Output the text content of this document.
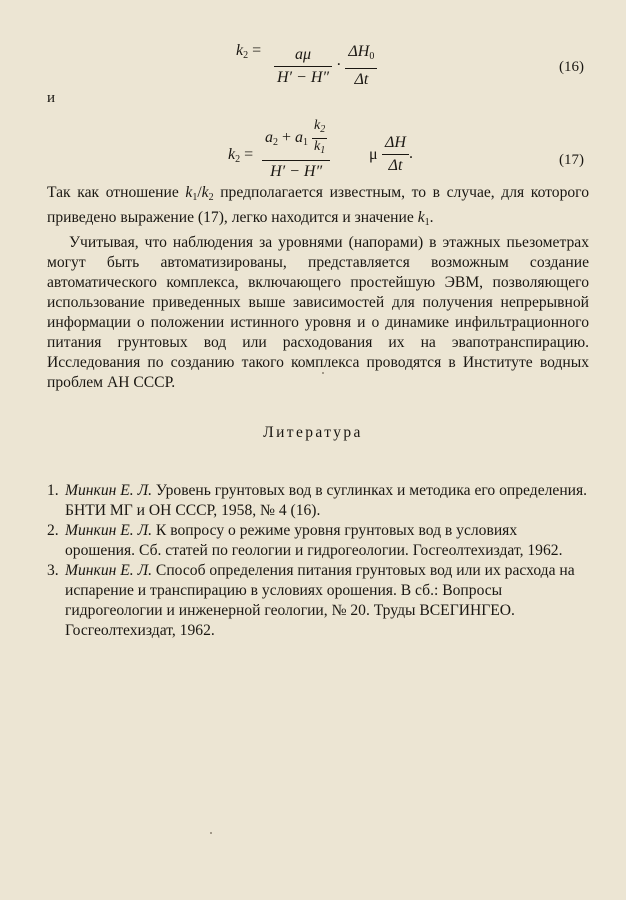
$k_2 = \frac{a\mu}{H' - H''} \cdot \frac{\Delta H_0}{\Delta t}$	(16)
и
$k_2$ =
$a_2 + a_1 \frac{k_2}{k_1}$
H′ − H″
μ $\frac{\Delta H}{\Delta t}$ .	(17)

Так как отношение $k_1/k_2$ предполагается известным, то в случае, для которого приведено выражение (17), легко находится и значение $k_1$.

Учитывая, что наблюдения за уровнями (напорами) в этажных пьезометрах могут быть автоматизированы, представляется возможным создание автоматического комплекса, включающего простейшую ЭВМ, позволяющего использование приведенных выше зависимостей для получения непрерывной информации о положении истинного уровня и о динамике инфильтрационного питания грунтовых вод или расходования их на эвапотранспирацию. Исследования по созданию такого комплекса проводятся в Институте водных проблем АН СССР.

Литература
1. Минкин Е. Л. Уровень грунтовых вод в суглинках и методика его определения. БНТИ МГ и ОН СССР, 1958, № 4 (16).
2. Минкин Е. Л. К вопросу о режиме уровня грунтовых вод в условиях орошения. Сб. статей по геологии и гидрогеологии. Госгеолтехиздат, 1962.
3. Минкин Е. Л. Способ определения питания грунтовых вод или их расхода на испарение и транспирацию в условиях орошения. В сб.: Вопросы гидрогеологии и инженерной геологии, № 20. Труды ВСЕГИНГЕО. Госгеолтехиздат, 1962.
